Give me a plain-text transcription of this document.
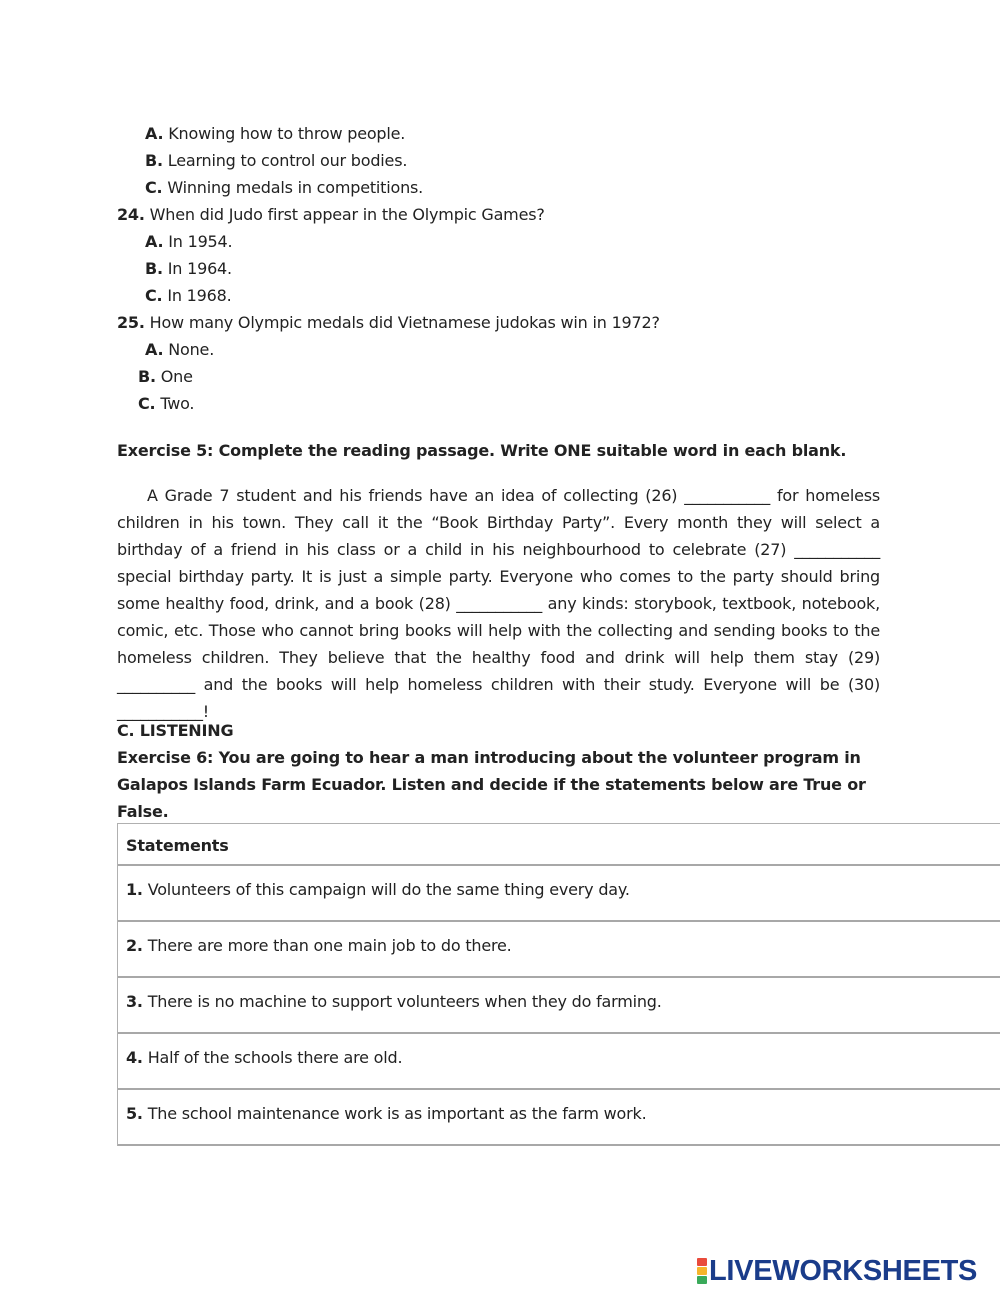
A. Knowing how to throw people.
B. Learning to control our bodies.
C. Winning medals in competitions.
24. When did Judo first appear in the Olympic Games?
A. In 1954.
B. In 1964.
C. In 1968.
25. How many Olympic medals did Vietnamese judokas win in 1972?
A. None.
B. One
C. Two.
Exercise 5: Complete the reading passage. Write ONE suitable word in each blank.

A Grade 7 student and his friends have an idea of collecting (26) ___________ for homeless children in his town. They call it the “Book Birthday Party”. Every month they will select a birthday of a friend in his class or a child in his neighbourhood to celebrate (27) ___________ special birthday party. It is just a simple party. Everyone who comes to the party should bring some healthy food, drink, and a book (28) ___________ any kinds: storybook, textbook, notebook, comic, etc. Those who cannot bring books will help with the collecting and sending books to the homeless children. They believe that the healthy food and drink will help them stay (29) __________ and the books will help homeless children with their study. Everyone will be (30) ___________!

C. LISTENING
Exercise 6: You are going to hear a man introducing about the volunteer program in
Galapos Islands Farm Ecuador. Listen and decide if the statements below are True or
False.
Statements
1. Volunteers of this campaign will do the same thing every day.
2. There are more than one main job to do there.
3. There is no machine to support volunteers when they do farming.
4. Half of the schools there are old.
5. The school maintenance work is as important as the farm work.
LIVEWORKSHEETS
